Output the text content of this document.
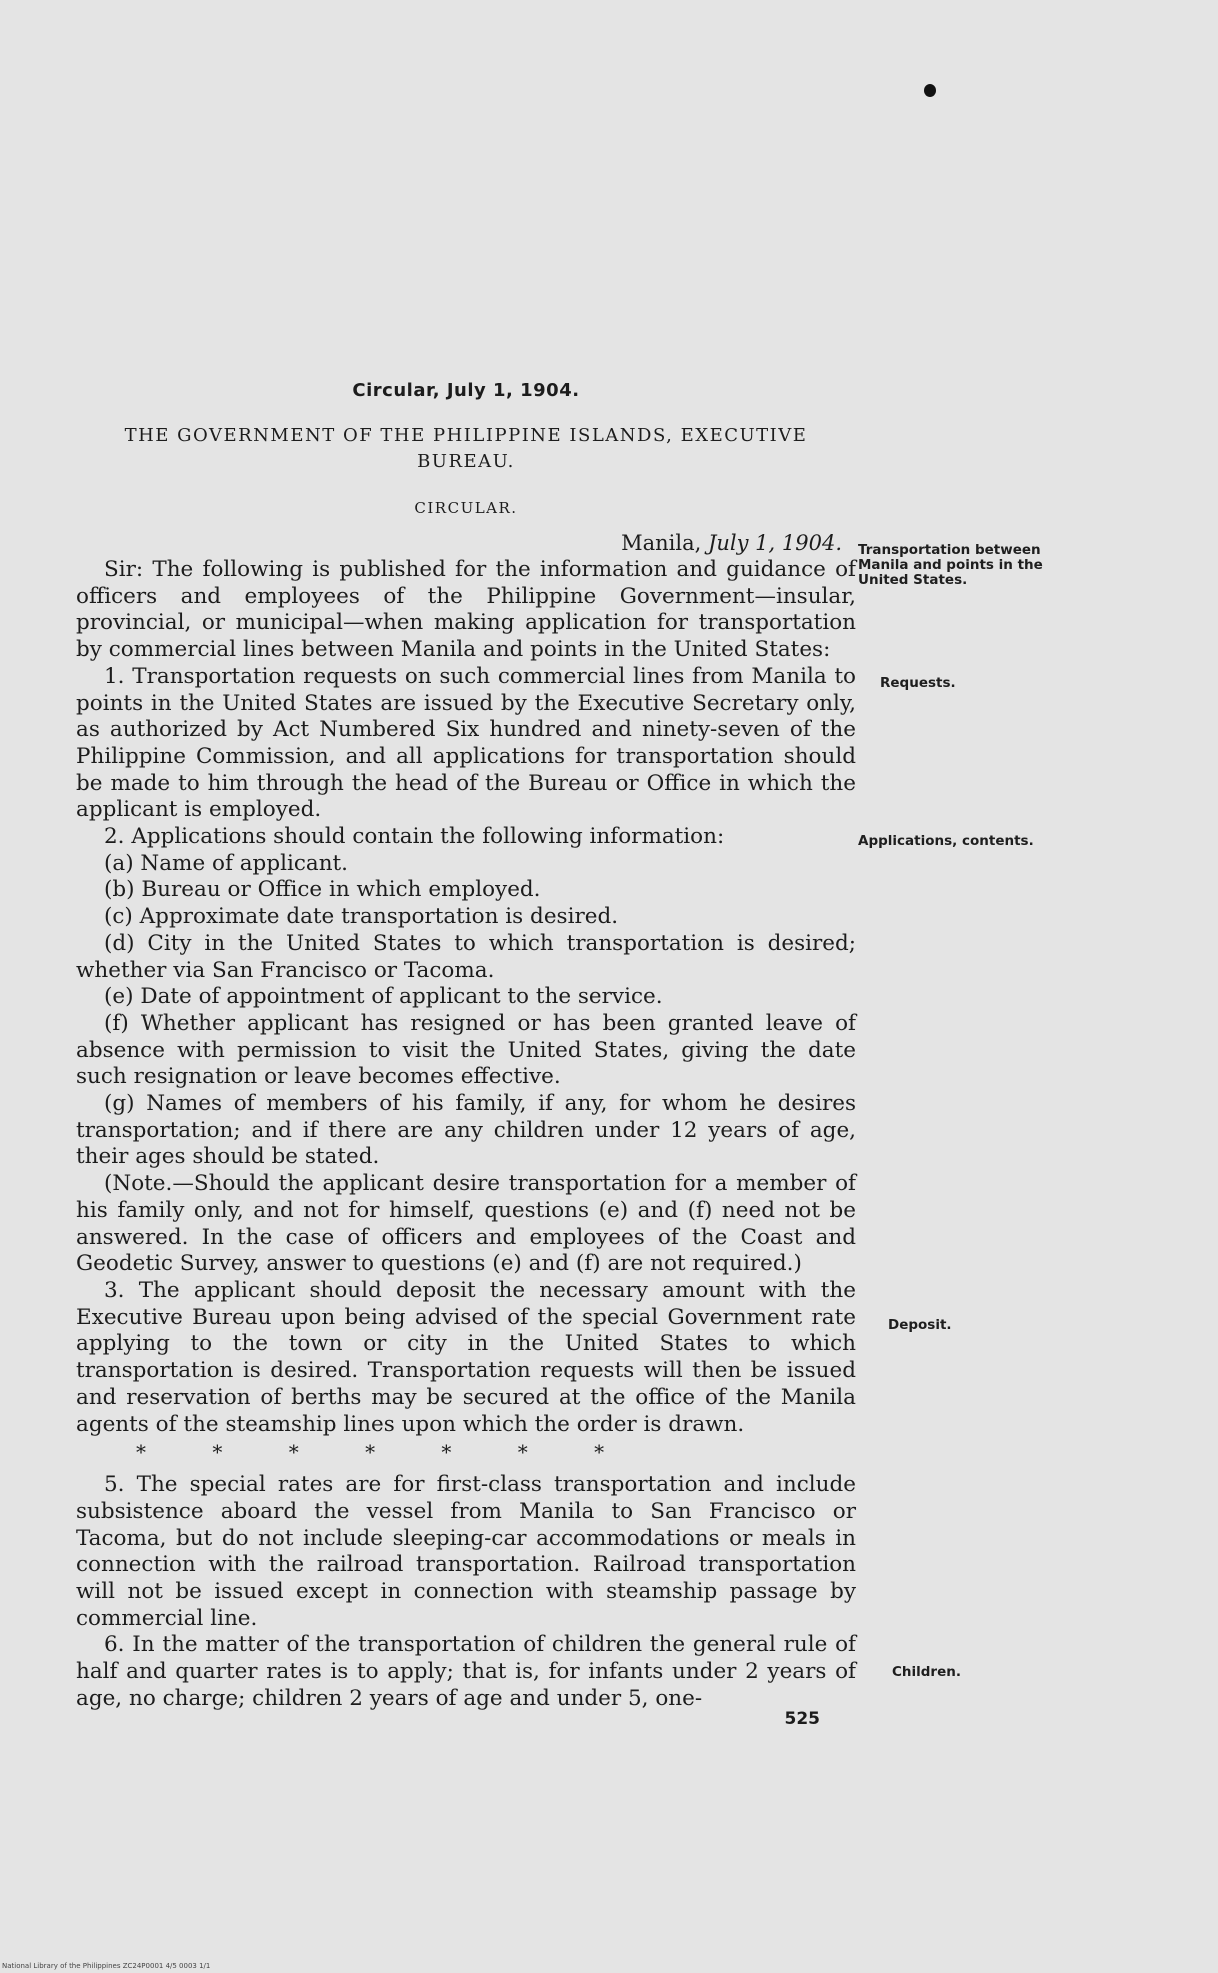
Circular, July 1, 1904.
THE GOVERNMENT OF THE PHILIPPINE ISLANDS, EXECUTIVE
BUREAU.
CIRCULAR.
Manila, July 1, 1904.

Sir: The following is published for the information and guidance of officers and employees of the Philippine Government—insular, provincial, or municipal—when making application for transportation by commercial lines between Manila and points in the United States:

1. Transportation requests on such commercial lines from Manila to points in the United States are issued by the Executive Secretary only, as authorized by Act Numbered Six hundred and ninety-seven of the Philippine Commission, and all applications for transportation should be made to him through the head of the Bureau or Office in which the applicant is employed.

2. Applications should contain the following information:

(a) Name of applicant.

(b) Bureau or Office in which employed.

(c) Approximate date transportation is desired.

(d) City in the United States to which transportation is desired; whether via San Francisco or Tacoma.

(e) Date of appointment of applicant to the service.

(f) Whether applicant has resigned or has been granted leave of absence with permission to visit the United States, giving the date such resignation or leave becomes effective.

(g) Names of members of his family, if any, for whom he desires transportation; and if there are any children under 12 years of age, their ages should be stated.

(Note.—Should the applicant desire transportation for a member of his family only, and not for himself, questions (e) and (f) need not be answered. In the case of officers and employees of the Coast and Geodetic Survey, answer to questions (e) and (f) are not required.)

3. The applicant should deposit the necessary amount with the Executive Bureau upon being advised of the special Government rate applying to the town or city in the United States to which transportation is desired. Transportation requests will then be issued and reservation of berths may be secured at the office of the Manila agents of the steamship lines upon which the order is drawn.

* * * * * * *

5. The special rates are for first-class transportation and include subsistence aboard the vessel from Manila to San Francisco or Tacoma, but do not include sleeping-car accommodations or meals in connection with the railroad transportation. Railroad transportation will not be issued except in connection with steamship passage by commercial line.

6. In the matter of the transportation of children the general rule of half and quarter rates is to apply; that is, for infants under 2 years of age, no charge; children 2 years of age and under 5, one-

525
Transportation between Manila and points in the United States.
Requests.
Applications, contents.
Deposit.
Children.
National Library of the Philippines ZC24P0001 4/5 0003 1/1
